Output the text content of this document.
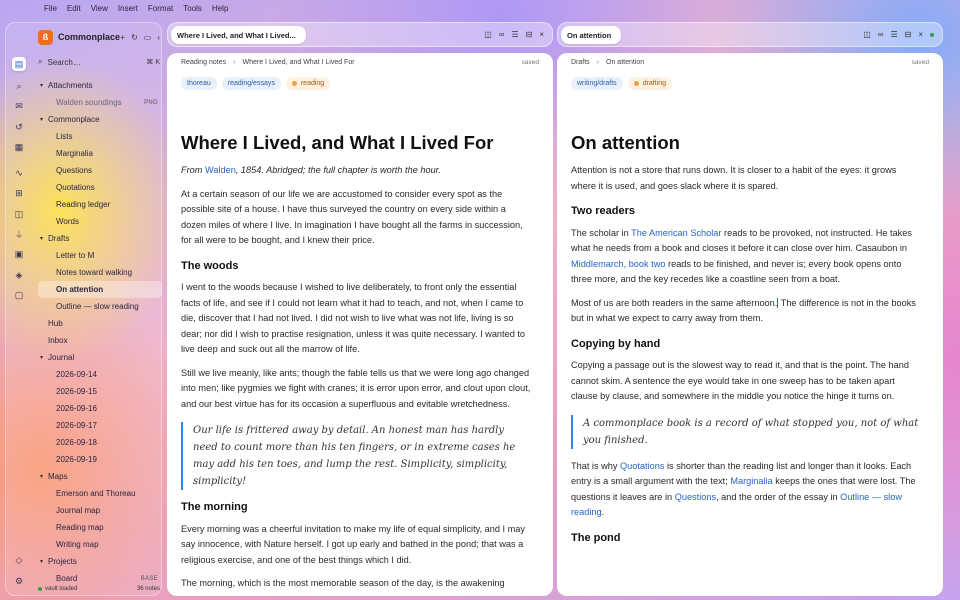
File Edit View Insert Format Tools Help
▤
⌕
✉
↺
▦
∿
⊞
◫
⏚
▣
◈
▢
◇
⚙
ß	Commonplace + ↻ ▭ ‹
⌕ Search…	⌘ K
▾ Attachments
Walden soundings	PNG
▾ Commonplace
Lists
Marginalia
Questions
Quotations
Reading ledger
Words
▾ Drafts
Letter to M
Notes toward walking
On attention
Outline — slow reading
Hub
Inbox
▾ Journal
2026-09-14
2026-09-15
2026-09-16
2026-09-17
2026-09-18
2026-09-19
▾ Maps
Emerson and Thoreau
Journal map
Reading map
Writing map
▾ Projects
Board	BASE
vault loaded	36 notes
Where I Lived, and What I Lived...	◫ ∞ ☰ ⊟ ×
Reading notes › Where I Lived, and What I Lived For	saved
thoreau	reading/essays	reading
Where I Lived, and What I Lived For

From Walden, 1854. Abridged; the full chapter is worth the hour.

At a certain season of our life we are accustomed to consider every spot as the possible site of a house. I have thus surveyed the country on every side within a dozen miles of where I live. In imagination I have bought all the farms in succession, for all were to be bought, and I knew their price.

The woods

I went to the woods because I wished to live deliberately, to front only the essential facts of life, and see if I could not learn what it had to teach, and not, when I came to die, discover that I had not lived. I did not wish to live what was not life, living is so dear; nor did I wish to practise resignation, unless it was quite necessary. I wanted to live deep and suck out all the marrow of life.

Still we live meanly, like ants; though the fable tells us that we were long ago changed into men; like pygmies we fight with cranes; it is error upon error, and clout upon clout, and our best virtue has for its occasion a superfluous and evitable wretchedness.

Our life is frittered away by detail. An honest man has hardly need to count more than his ten fingers, or in extreme cases he may add his ten toes, and lump the rest. Simplicity, simplicity, simplicity!
The morning

Every morning was a cheerful invitation to make my life of equal simplicity, and I may say innocence, with Nature herself. I got up early and bathed in the pond; that was a religious exercise, and one of the best things which I did.

The morning, which is the most memorable season of the day, is the awakening

On attention	◫ ∞ ☰ ⊟ ×
Drafts › On attention	saved
writing/drafts	drafting
On attention

Attention is not a store that runs down. It is closer to a habit of the eyes: it grows where it is used, and goes slack where it is spared.

Two readers

The scholar in The American Scholar reads to be provoked, not instructed. He takes what he needs from a book and closes it before it can close over him. Casaubon in Middlemarch, book two reads to be finished, and never is; every book opens onto three more, and the key recedes like a coastline seen from a boat.

Most of us are both readers in the same afternoon. The difference is not in the books but in what we expect to carry away from them.

Copying by hand

Copying a passage out is the slowest way to read it, and that is the point. The hand cannot skim. A sentence the eye would take in one sweep has to be taken apart clause by clause, and somewhere in the middle you notice the hinge it turns on.

A commonplace book is a record of what stopped you, not of what you finished.

That is why Quotations is shorter than the reading list and longer than it looks. Each entry is a small argument with the text; Marginalia keeps the ones that were lost. The questions it leaves are in Questions, and the order of the essay in Outline — slow reading.

The pond
